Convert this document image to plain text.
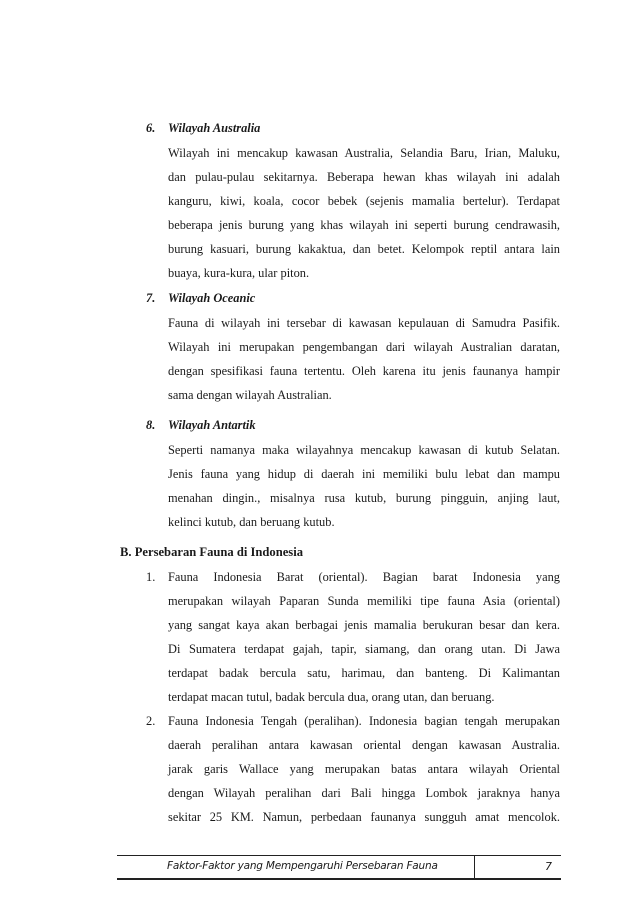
6. Wilayah Australia
Wilayah ini mencakup kawasan Australia, Selandia Baru, Irian, Maluku,
dan pulau-pulau sekitarnya. Beberapa hewan khas wilayah ini adalah
kanguru, kiwi, koala, cocor bebek (sejenis mamalia bertelur). Terdapat
beberapa jenis burung yang khas wilayah ini seperti burung cendrawasih,
burung kasuari, burung kakaktua, dan betet. Kelompok reptil antara lain
buaya, kura-kura, ular piton.
7. Wilayah Oceanic
Fauna di wilayah ini tersebar di kawasan kepulauan di Samudra Pasifik.
Wilayah ini merupakan pengembangan dari wilayah Australian daratan,
dengan spesifikasi fauna tertentu. Oleh karena itu jenis faunanya hampir
sama dengan wilayah Australian.
8. Wilayah Antartik
Seperti namanya maka wilayahnya mencakup kawasan di kutub Selatan.
Jenis fauna yang hidup di daerah ini memiliki bulu lebat dan mampu
menahan dingin., misalnya rusa kutub, burung pingguin, anjing laut,
kelinci kutub, dan beruang kutub.
B. Persebaran Fauna di Indonesia
1. Fauna Indonesia Barat (oriental). Bagian barat Indonesia yang
merupakan wilayah Paparan Sunda memiliki tipe fauna Asia (oriental)
yang sangat kaya akan berbagai jenis mamalia berukuran besar dan kera.
Di Sumatera terdapat gajah, tapir, siamang, dan orang utan. Di Jawa
terdapat badak bercula satu, harimau, dan banteng. Di Kalimantan
terdapat macan tutul, badak bercula dua, orang utan, dan beruang.
2. Fauna Indonesia Tengah (peralihan). Indonesia bagian tengah merupakan
daerah peralihan antara kawasan oriental dengan kawasan Australia.
jarak garis Wallace yang merupakan batas antara wilayah Oriental
dengan Wilayah peralihan dari Bali hingga Lombok jaraknya hanya
sekitar 25 KM. Namun, perbedaan faunanya sungguh amat mencolok.
Faktor-Faktor yang Mempengaruhi Persebaran Fauna	7
